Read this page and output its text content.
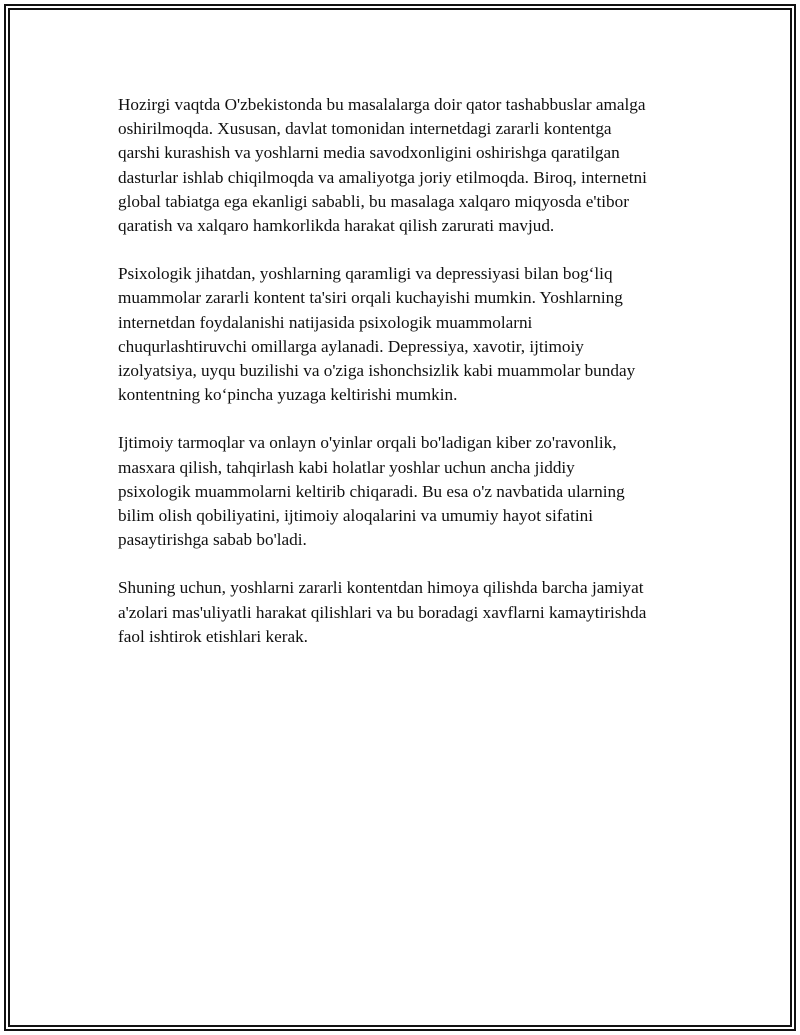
Hozirgi vaqtda O'zbekistonda bu masalalarga doir qator tashabbuslar amalga
oshirilmoqda. Xususan, davlat tomonidan internetdagi zararli kontentga
qarshi kurashish va yoshlarni media savodxonligini oshirishga qaratilgan
dasturlar ishlab chiqilmoqda va amaliyotga joriy etilmoqda. Biroq, internetni
global tabiatga ega ekanligi sababli, bu masalaga xalqaro miqyosda e'tibor
qaratish va xalqaro hamkorlikda harakat qilish zarurati mavjud.

Psixologik jihatdan, yoshlarning qaramligi va depressiyasi bilan bog‘liq
muammolar zararli kontent ta'siri orqali kuchayishi mumkin. Yoshlarning
internetdan foydalanishi natijasida psixologik muammolarni
chuqurlashtiruvchi omillarga aylanadi. Depressiya, xavotir, ijtimoiy
izolyatsiya, uyqu buzilishi va o'ziga ishonchsizlik kabi muammolar bunday
kontentning ko‘pincha yuzaga keltirishi mumkin.

Ijtimoiy tarmoqlar va onlayn o'yinlar orqali bo'ladigan kiber zo'ravonlik,
masxara qilish, tahqirlash kabi holatlar yoshlar uchun ancha jiddiy
psixologik muammolarni keltirib chiqaradi. Bu esa o'z navbatida ularning
bilim olish qobiliyatini, ijtimoiy aloqalarini va umumiy hayot sifatini
pasaytirishga sabab bo'ladi.

Shuning uchun, yoshlarni zararli kontentdan himoya qilishda barcha jamiyat
a'zolari mas'uliyatli harakat qilishlari va bu boradagi xavflarni kamaytirishda
faol ishtirok etishlari kerak.
